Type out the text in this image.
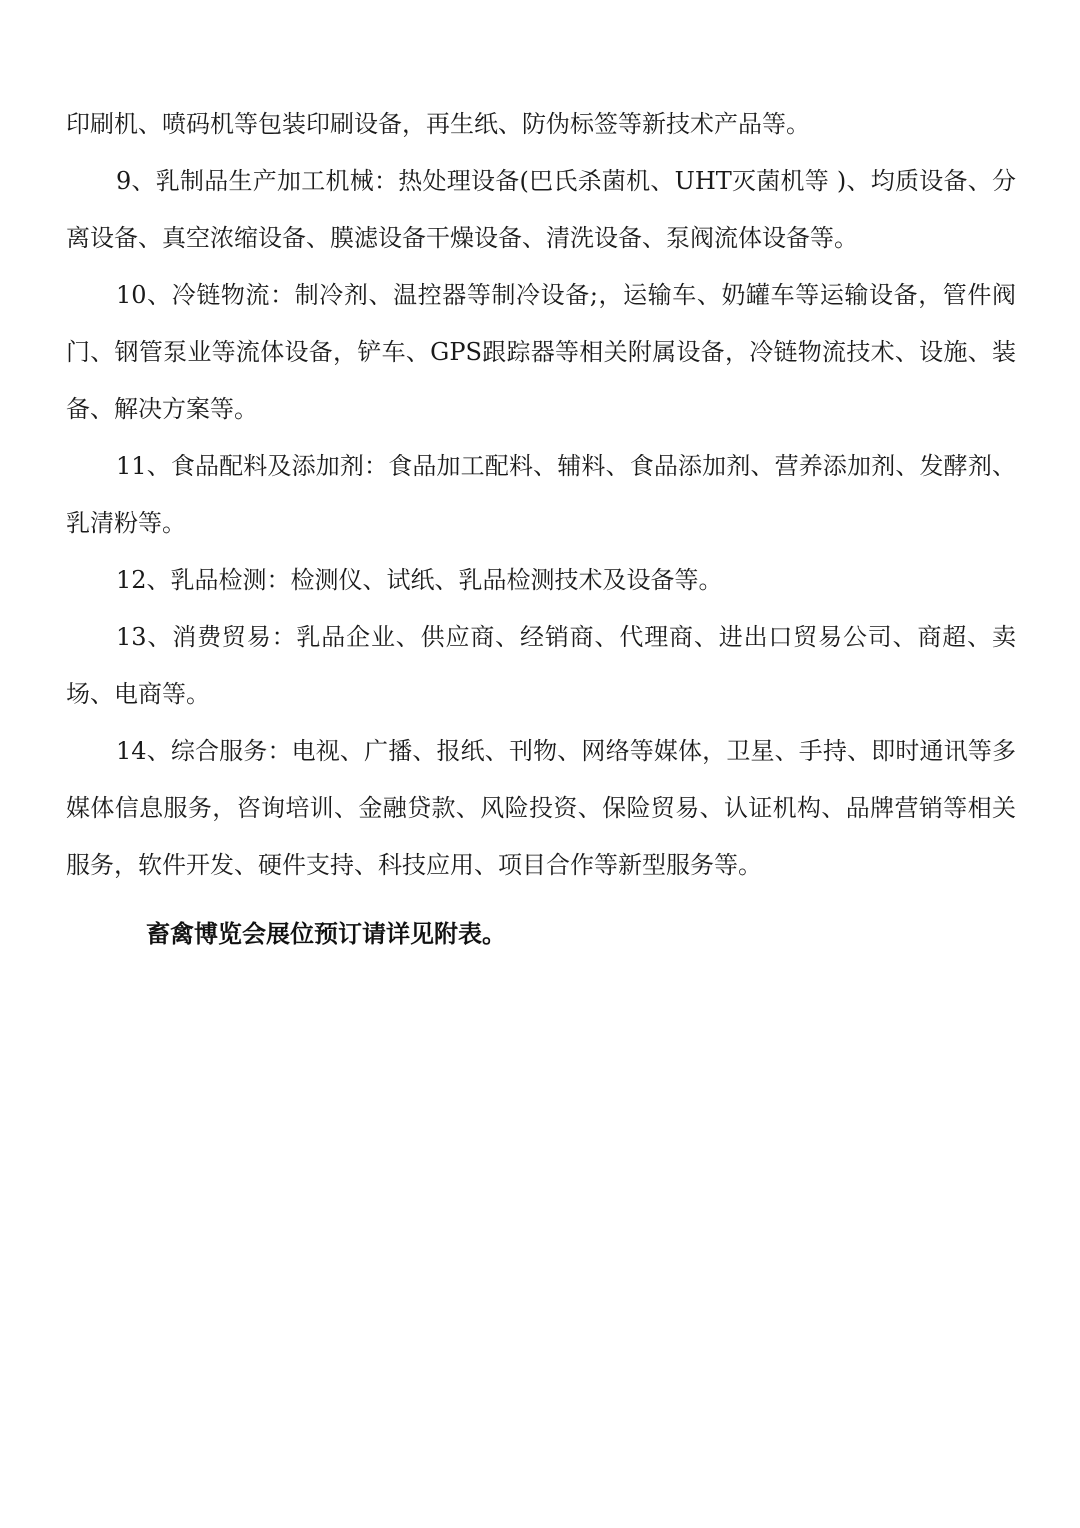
印刷机、喷码机等包装印刷设备，再生纸、防伪标签等新技术产品等。

9、乳制品生产加工机械：热处理设备(巴氏杀菌机、UHT灭菌机等 )、均质设备、分离设备、真空浓缩设备、膜滤设备干燥设备、清洗设备、泵阀流体设备等。

10、冷链物流：制冷剂、温控器等制冷设备;，运输车、奶罐车等运输设备，管件阀门、钢管泵业等流体设备，铲车、GPS跟踪器等相关附属设备，冷链物流技术、设施、装备、解决方案等。

11、食品配料及添加剂：食品加工配料、辅料、食品添加剂、营养添加剂、发酵剂、乳清粉等。

12、乳品检测：检测仪、试纸、乳品检测技术及设备等。

13、消费贸易：乳品企业、供应商、经销商、代理商、进出口贸易公司、商超、卖场、电商等。

14、综合服务：电视、广播、报纸、刊物、网络等媒体，卫星、手持、即时通讯等多媒体信息服务，咨询培训、金融贷款、风险投资、保险贸易、认证机构、品牌营销等相关服务，软件开发、硬件支持、科技应用、项目合作等新型服务等。

畜禽博览会展位预订请详见附表。
